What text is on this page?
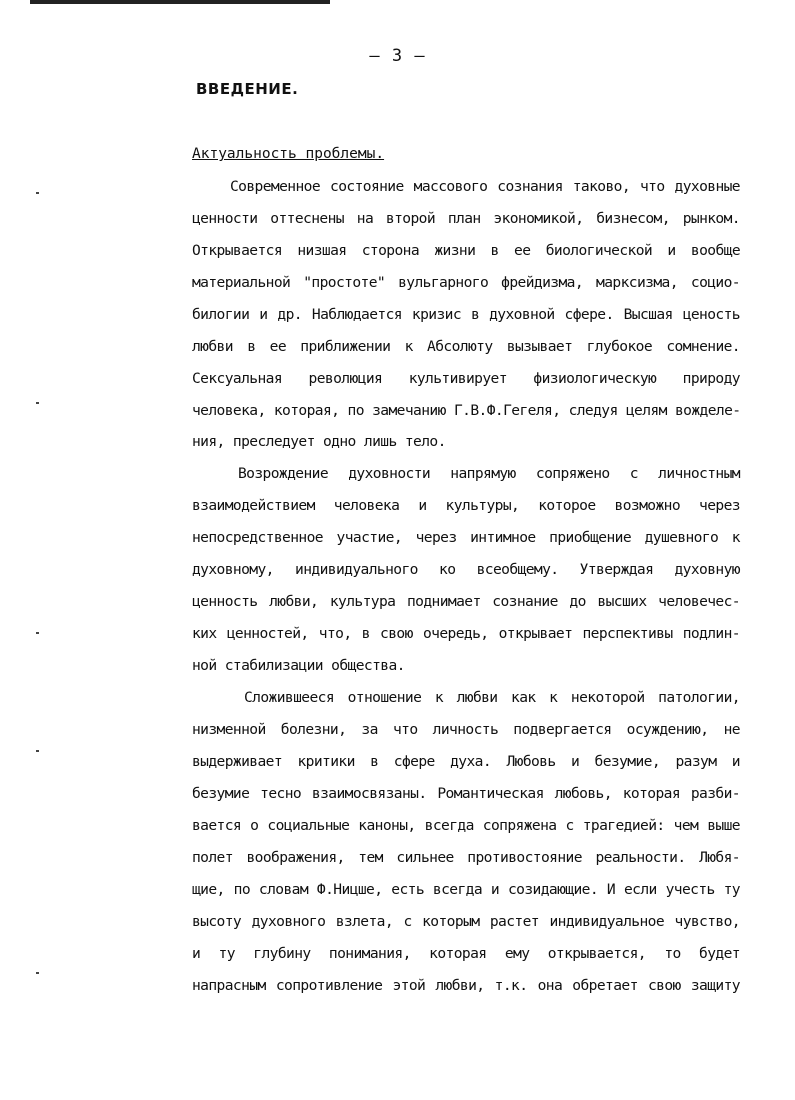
– 3 –
ВВЕДЕНИЕ.
Актуальность проблемы.
Современное состояние массового сознания таково, что духовные
ценности оттеснены на второй план экономикой, бизнесом, рынком.
Открывается низшая сторона жизни в ее биологической и вообще
материальной "простоте" вульгарного фрейдизма, марксизма, социо-
билогии и др. Наблюдается кризис в духовной сфере. Высшая ценость
любви в ее приближении к Абсолюту вызывает глубокое сомнение.
Сексуальная революция культивирует физиологическую природу
человека, которая, по замечанию Г.В.Ф.Гегеля, следуя целям вожделе-
ния, преследует одно лишь тело.
Возрождение духовности напрямую сопряжено с личностным
взаимодействием человека и культуры, которое возможно через
непосредственное участие, через интимное приобщение душевного к
духовному, индивидуального ко всеобщему. Утверждая духовную
ценность любви, культура поднимает сознание до высших человечес-
ких ценностей, что, в свою очередь, открывает перспективы подлин-
ной стабилизации общества.
Сложившееся отношение к любви как к некоторой патологии,
низменной болезни, за что личность подвергается осуждению, не
выдерживает критики в сфере духа. Любовь и безумие, разум и
безумие тесно взаимосвязаны. Романтическая любовь, которая разби-
вается о социальные каноны, всегда сопряжена с трагедией: чем выше
полет воображения, тем сильнее противостояние реальности. Любя-
щие, по словам Ф.Ницше, есть всегда и созидающие. И если учесть ту
высоту духовного взлета, с которым растет индивидуальное чувство,
и ту глубину понимания, которая ему открывается, то будет
напрасным сопротивление этой любви, т.к. она обретает свою защиту
